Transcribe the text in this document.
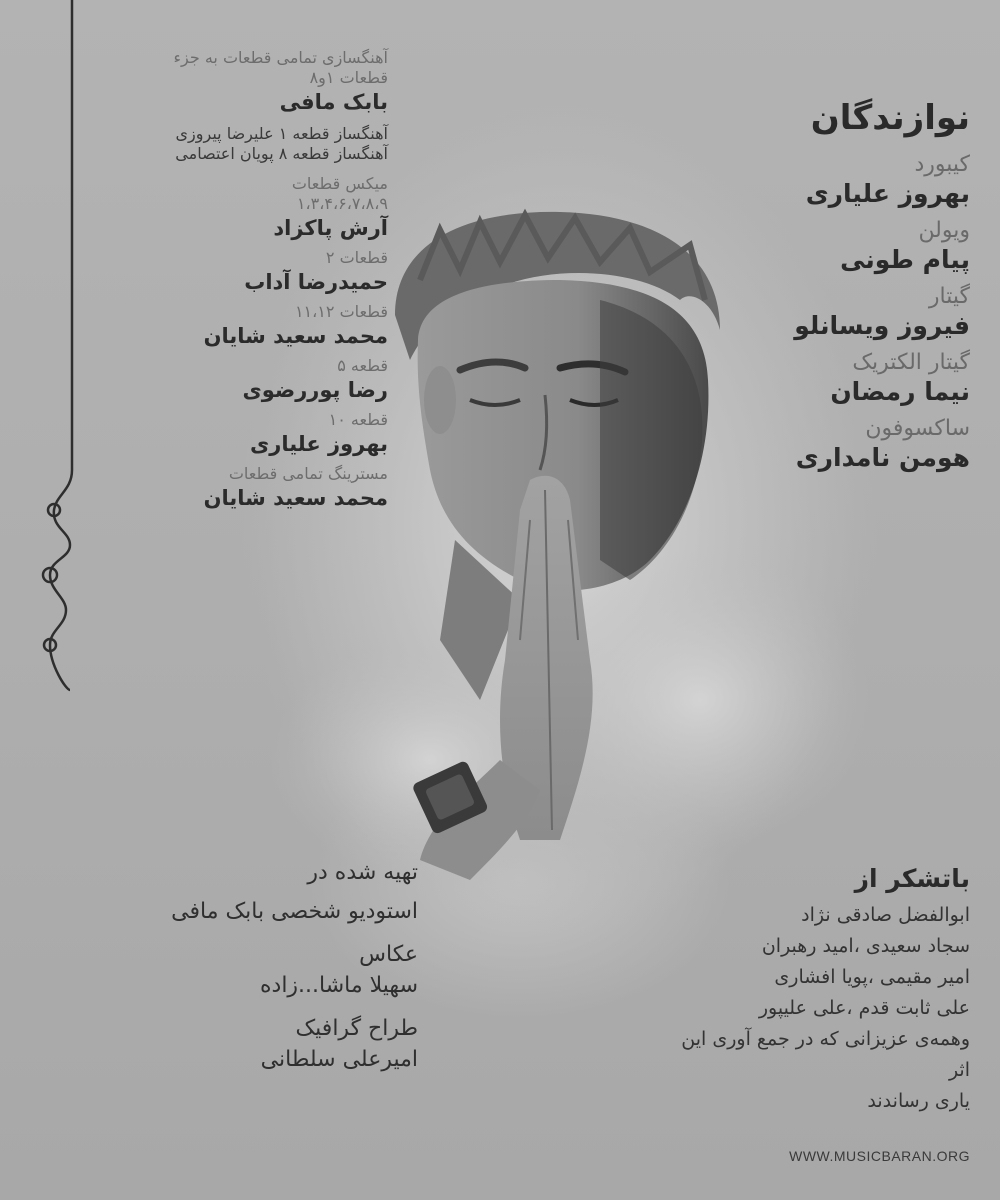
آهنگسازی تمامی قطعات به جزء

قطعات ۱و۸

بابک مافی

آهنگساز قطعه ۱ علیرضا پیروزی

آهنگساز قطعه ۸ پویان اعتصامی

میکس قطعات

۱،۳،۴،۶،۷،۸،۹

آرش پاکزاد

قطعات ۲

حمیدرضا آداب

قطعات ۱۱،۱۲

محمد سعید شایان

قطعه ۵

رضا پوررضوی

قطعه ۱۰

بهروز علیاری

مسترینگ تمامی قطعات

محمد سعید شایان

نوازندگان

کیبورد

بهروز علیاری

ویولن

پیام طونی

گیتار

فیروز ویسانلو

گیتار الکتریک

نیما رمضان

ساکسوفون

هومن نامداری

تهیه شده در

استودیو شخصی بابک مافی

عکاس

سهیلا ماشا...زاده

طراح گرافیک

امیرعلی سلطانی

باتشکر از

ابوالفضل صادقی نژاد

سجاد سعیدی ،امید رهبران

امیر مقیمی ،پویا افشاری

علی ثابت قدم ،علی علیپور

وهمه‌ی عزیزانی که در جمع آوری این اثر

یاری رساندند

WWW.MUSICBARAN.ORG
